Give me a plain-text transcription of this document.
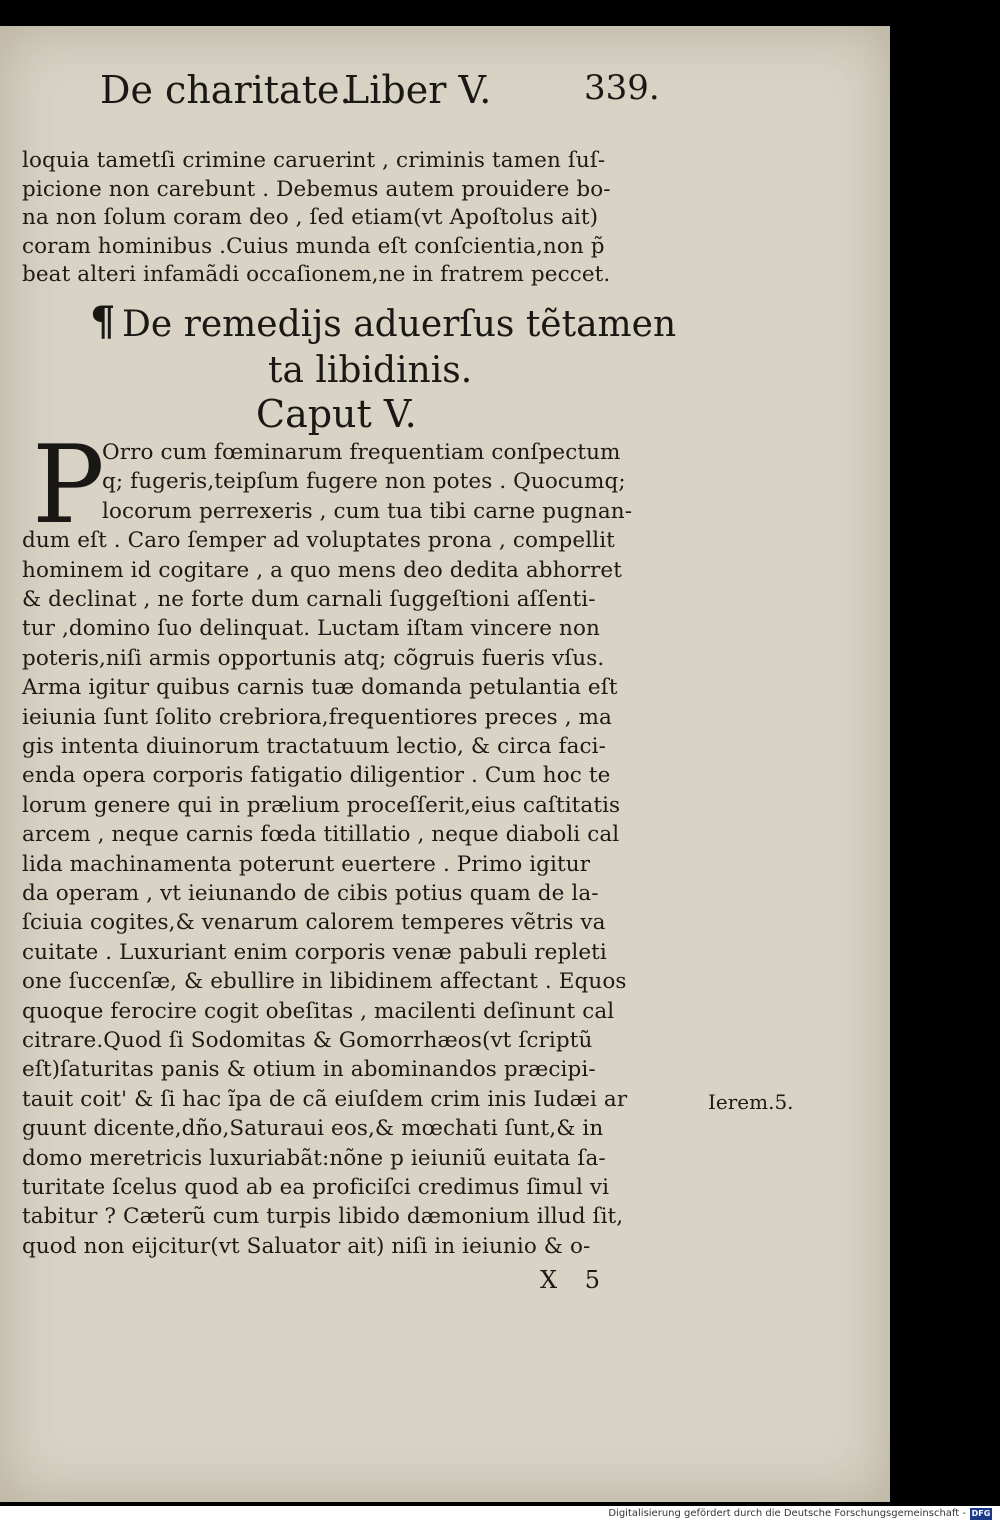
De charitate.
Liber V.	339.
loquia tametſi crimine caruerint , criminis tamen ſuſ-
picione non carebunt . Debemus autem prouidere bo-
na non ſolum coram deo , ſed etiam(vt Apoſtolus ait)
coram hominibus .Cuius munda eſt conſcientia,non p̃
beat alteri infamãdi occaſionem,ne in fratrem peccet.
¶ De remedijs aduerſus tẽtamen
ta libidinis.
Caput V.
P
Orro cum fœminarum frequentiam conſpectum
q; fugeris,teipſum fugere non potes . Quocumq;
locorum perrexeris , cum tua tibi carne pugnan-
dum eſt . Caro ſemper ad voluptates prona , compellit
hominem id cogitare , a quo mens deo dedita abhorret
& declinat , ne forte dum carnali ſuggeſtioni aſſenti-
tur ,domino ſuo delinquat. Luctam iſtam vincere non
poteris,niſi armis opportunis atq; cõgruis fueris vſus.
Arma igitur quibus carnis tuæ domanda petulantia eſt
ieiunia ſunt ſolito crebriora,frequentiores preces , ma
gis intenta diuinorum tractatuum lectio, & circa faci-
enda opera corporis fatigatio diligentior . Cum hoc te
lorum genere qui in prælium proceſſerit,eius caſtitatis
arcem , neque carnis fœda titillatio , neque diaboli cal
lida machinamenta poterunt euertere . Primo igitur
da operam , vt ieiunando de cibis potius quam de la-
ſciuia cogites,& venarum calorem temperes vẽtris va
cuitate . Luxuriant enim corporis venæ pabuli repleti
one ſuccenſæ, & ebullire in libidinem affectant . Equos
quoque ferocire cogit obeſitas , macilenti deſinunt cal
citrare.Quod ſi Sodomitas & Gomorrhæos(vt ſcriptũ
eſt)ſaturitas panis & otium in abominandos præcipi-
tauit coit' & ſi hac ĩpa de cã eiuſdem crim inis Iudæi ar
guunt dicente,dño,Saturaui eos,& mœchati ſunt,& in
domo meretricis luxuriabãt:nõne p ieiuniũ euitata ſa-
turitate ſcelus quod ab ea proficiſci credimus ſimul vi
tabitur ? Cæterũ cum turpis libido dæmonium illud ſit,
quod non eijcitur(vt Saluator ait) niſi in ieiunio & o-
Ierem.5.
X 5
Digitalisierung gefördert durch die Deutsche Forschungsgemeinschaft - DFG
